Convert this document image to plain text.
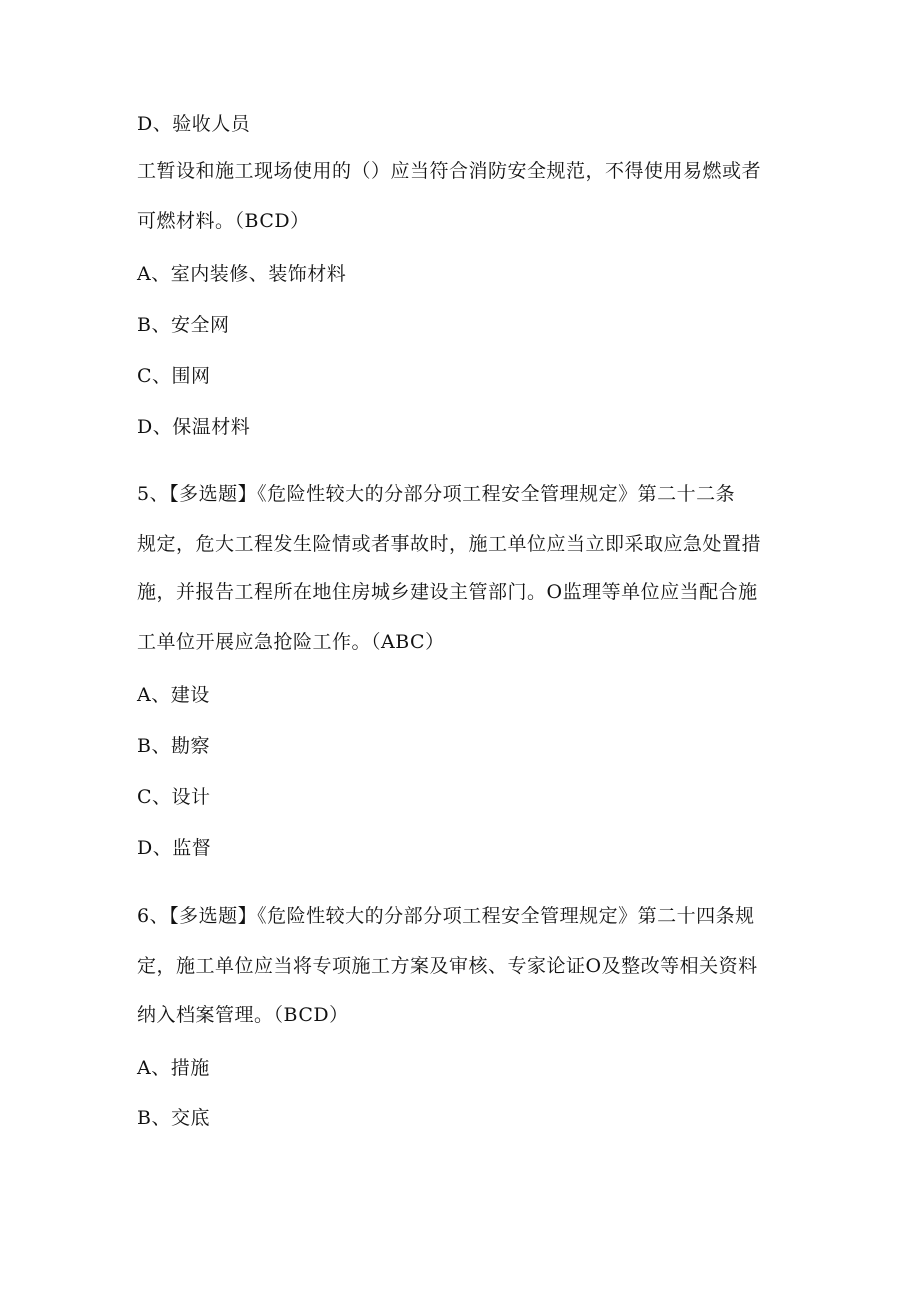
D、验收人员
工暂设和施工现场使用的（）应当符合消防安全规范，不得使用易燃或者
可燃材料。（BCD）
A、室内装修、装饰材料
B、安全网
C、围网
D、保温材料
5、【多选题】《危险性较大的分部分项工程安全管理规定》第二十二条
规定，危大工程发生险情或者事故时，施工单位应当立即采取应急处置措
施，并报告工程所在地住房城乡建设主管部门。O监理等单位应当配合施
工单位开展应急抢险工作。（ABC）
A、建设
B、勘察
C、设计
D、监督
6、【多选题】《危险性较大的分部分项工程安全管理规定》第二十四条规
定，施工单位应当将专项施工方案及审核、专家论证O及整改等相关资料
纳入档案管理。（BCD）
A、措施
B、交底
